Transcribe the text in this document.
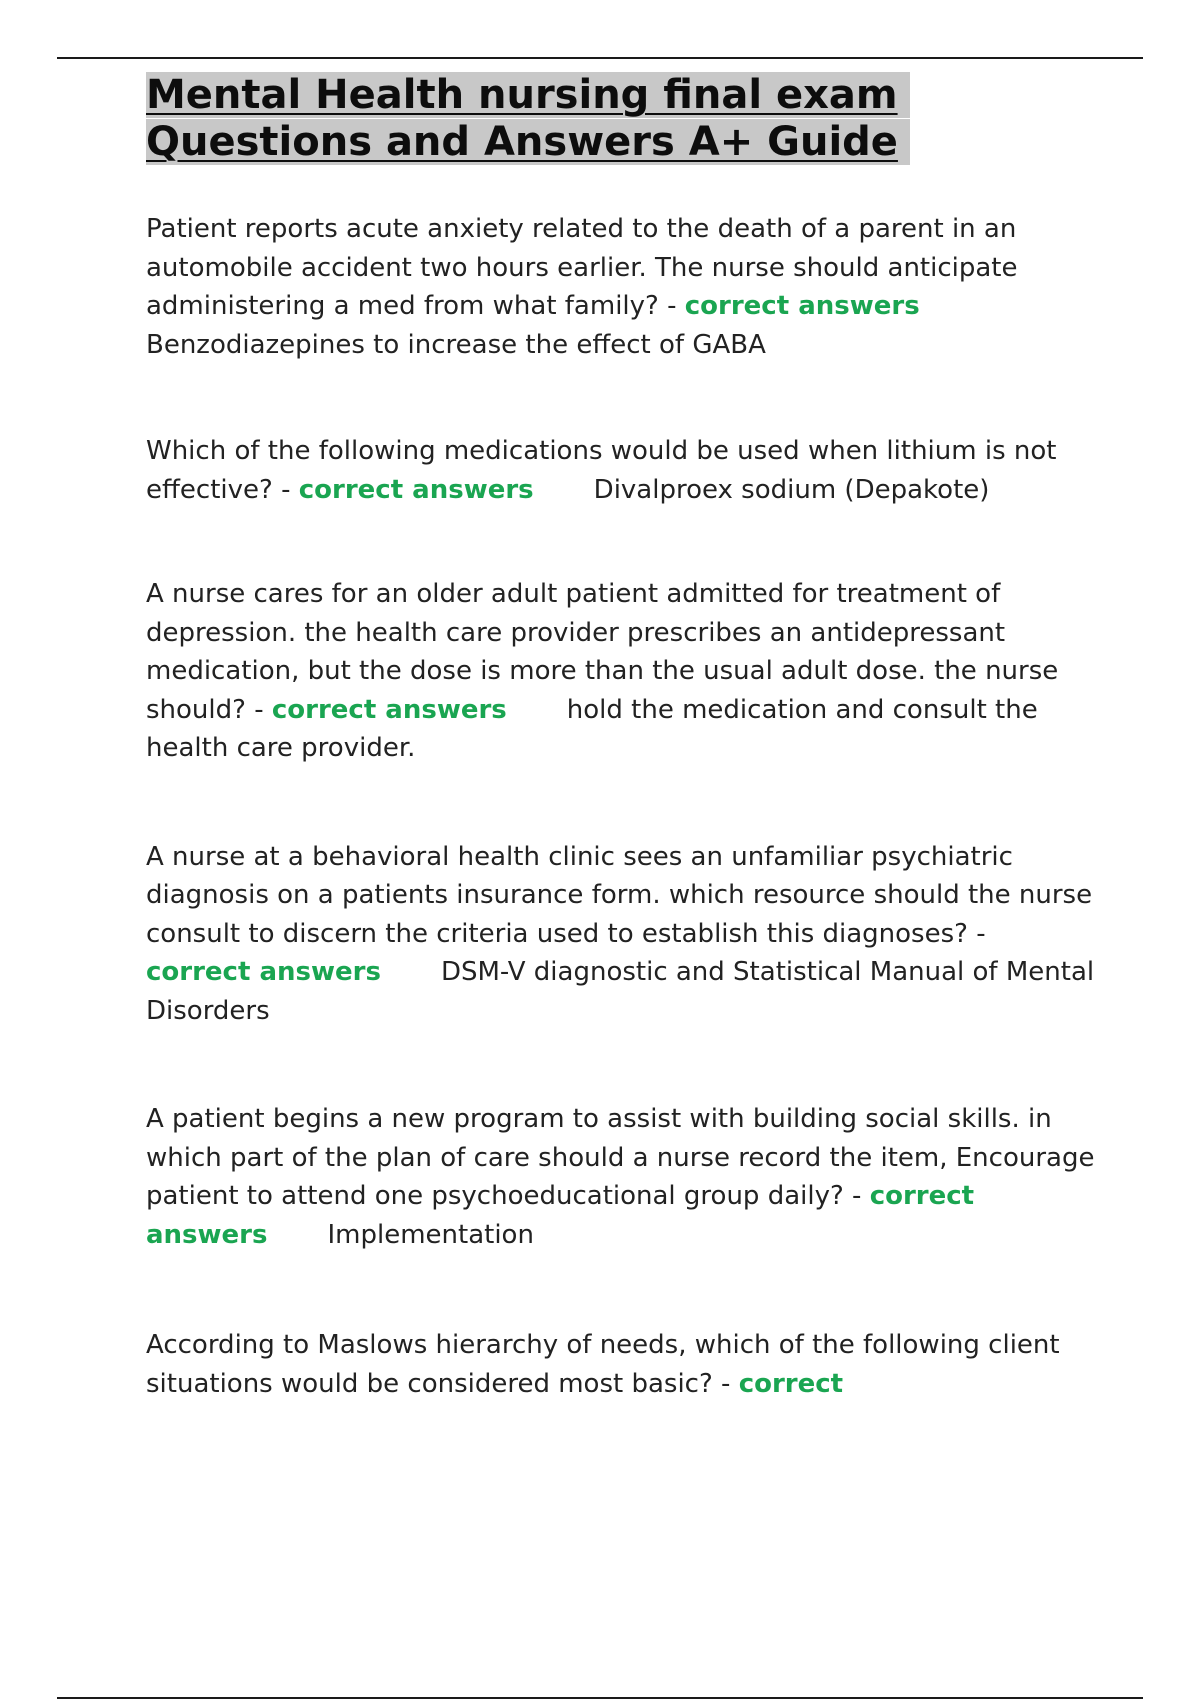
Mental Health nursing final exam
Questions and Answers A+ Guide

Patient reports acute anxiety related to the death of a parent in an automobile accident two hours earlier. The nurse should anticipate administering a med from what family? - correct answersBenzodiazepines to increase the effect of GABA

Which of the following medications would be used when lithium is not effective? - correct answers Divalproex sodium (Depakote)

A nurse cares for an older adult patient admitted for treatment of depression. the health care provider prescribes an antidepressant medication, but the dose is more than the usual adult dose. the nurse should? - correct answers hold the medication and consult the health care provider.

A nurse at a behavioral health clinic sees an unfamiliar psychiatric diagnosis on a patients insurance form. which resource should the nurse consult to discern the criteria used to establish this diagnoses? - correct answers DSM-V diagnostic and Statistical Manual of Mental Disorders

A patient begins a new program to assist with building social skills. in which part of the plan of care should a nurse record the item, Encourage patient to attend one psychoeducational group daily? - correct answers Implementation

According to Maslows hierarchy of needs, which of the following client situations would be considered most basic? - correct
